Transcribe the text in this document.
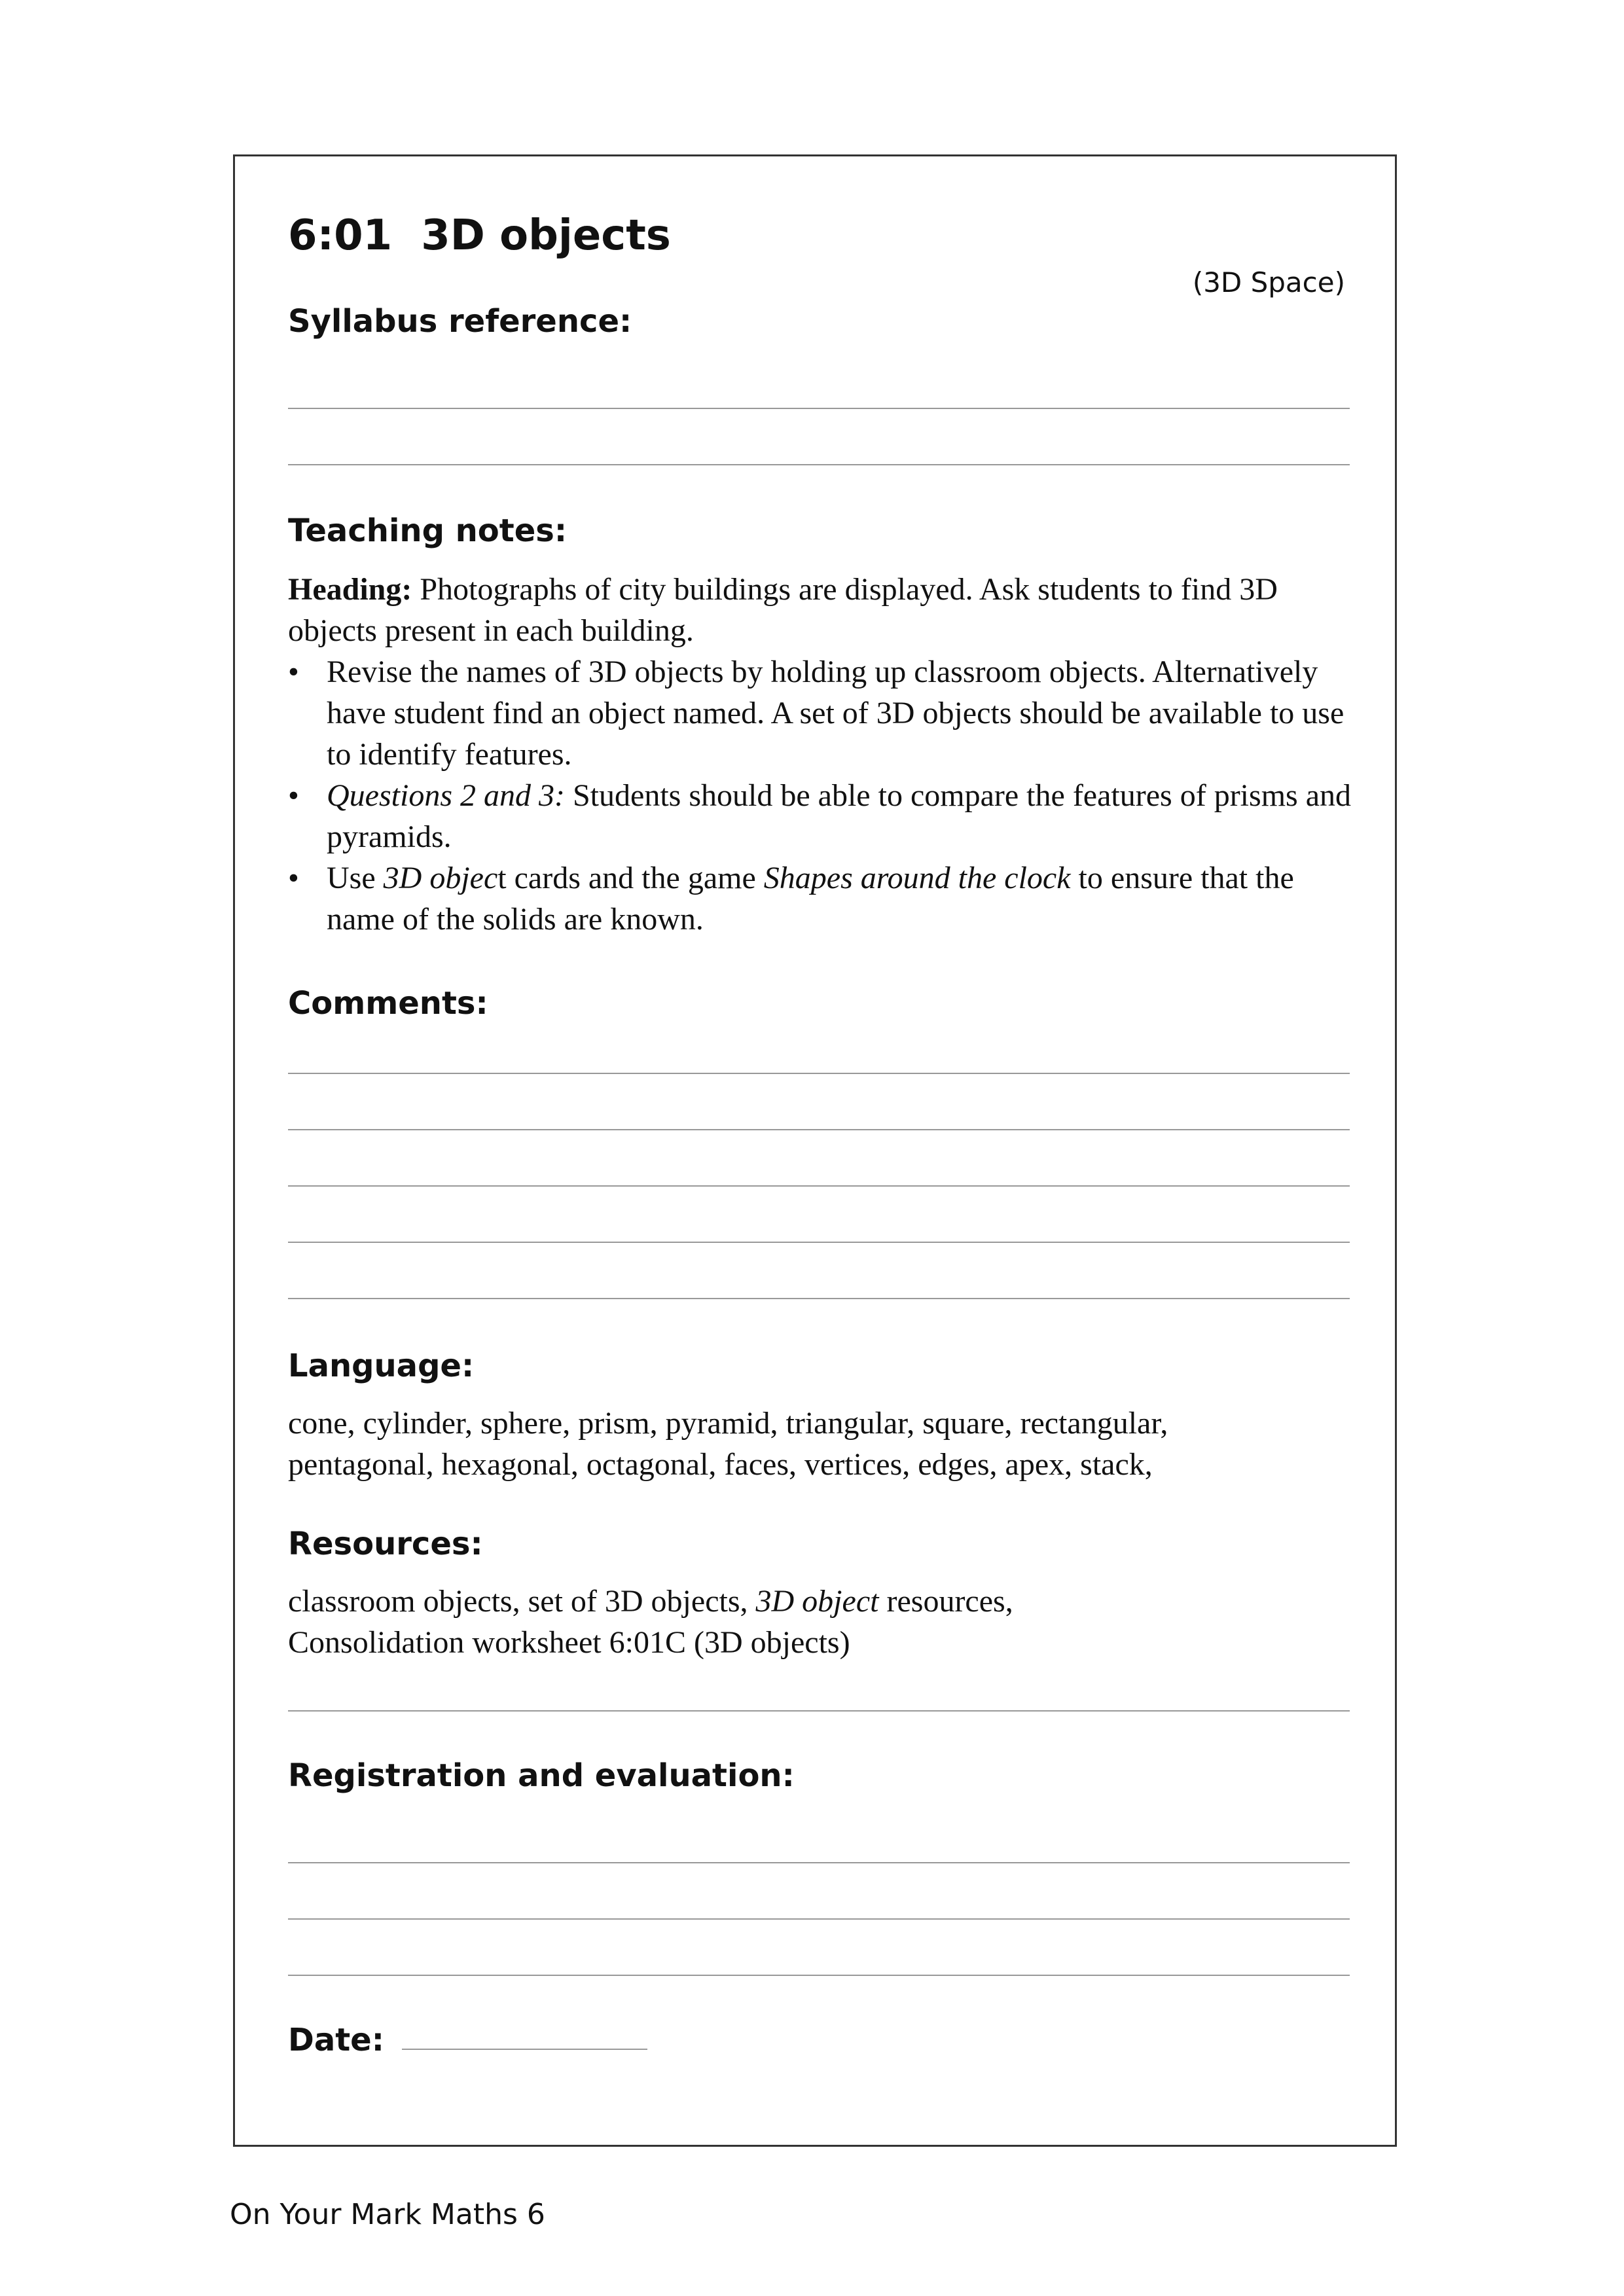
6:01 3D objects
(3D Space)
Syllabus reference:
Teaching notes:

Heading: Photographs of city buildings are displayed. Ask students to find 3D objects present in each building.

• Revise the names of 3D objects by holding up classroom objects. Alternatively have student find an object named. A set of 3D objects should be available to use to identify features.
• Questions 2 and 3: Students should be able to compare the features of prisms and pyramids.
• Use 3D object cards and the game Shapes around the clock to ensure that the name of the solids are known.
Comments:
Language:

cone, cylinder, sphere, prism, pyramid, triangular, square, rectangular,

pentagonal, hexagonal, octagonal, faces, vertices, edges, apex, stack,

Resources:

classroom objects, set of 3D objects, 3D object resources,

Consolidation worksheet 6:01C (3D objects)

Registration and evaluation:
Date:
On Your Mark Maths 6
